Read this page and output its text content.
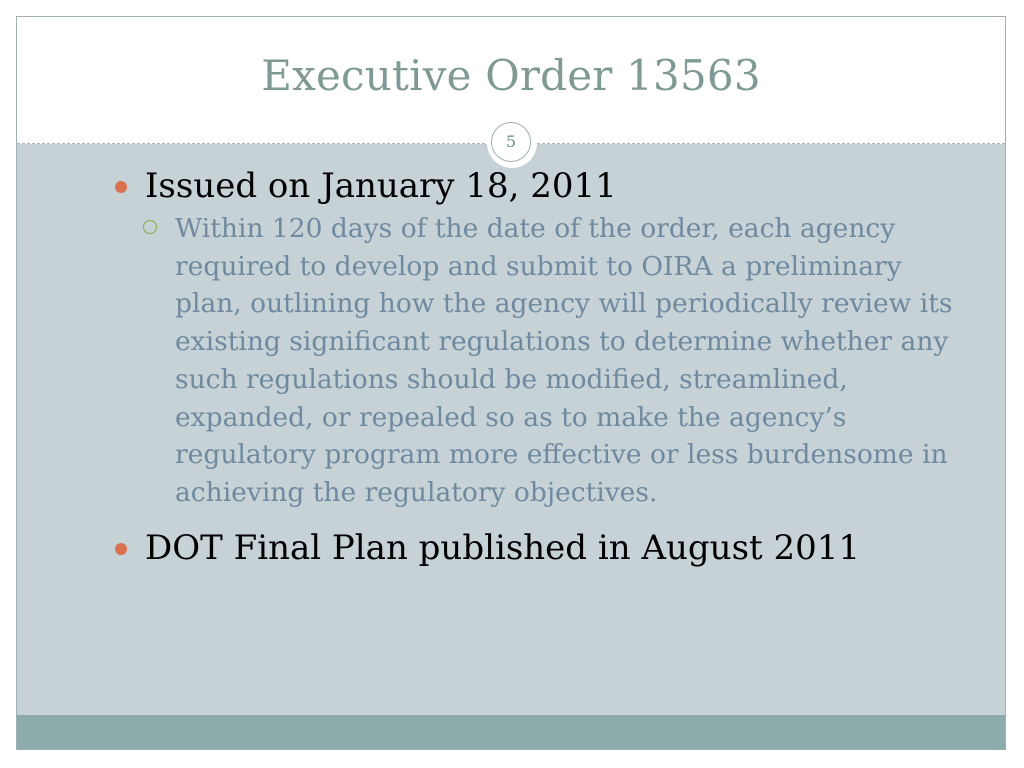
Executive Order 13563
5
Issued on January 18, 2011
Within 120 days of the date of the order, each agency required to develop and submit to OIRA a preliminary plan, outlining how the agency will periodically review its existing significant regulations to determine whether any such regulations should be modified, streamlined, expanded, or repealed so as to make the agency’s regulatory program more effective or less burdensome in achieving the regulatory objectives.
DOT Final Plan published in August 2011
